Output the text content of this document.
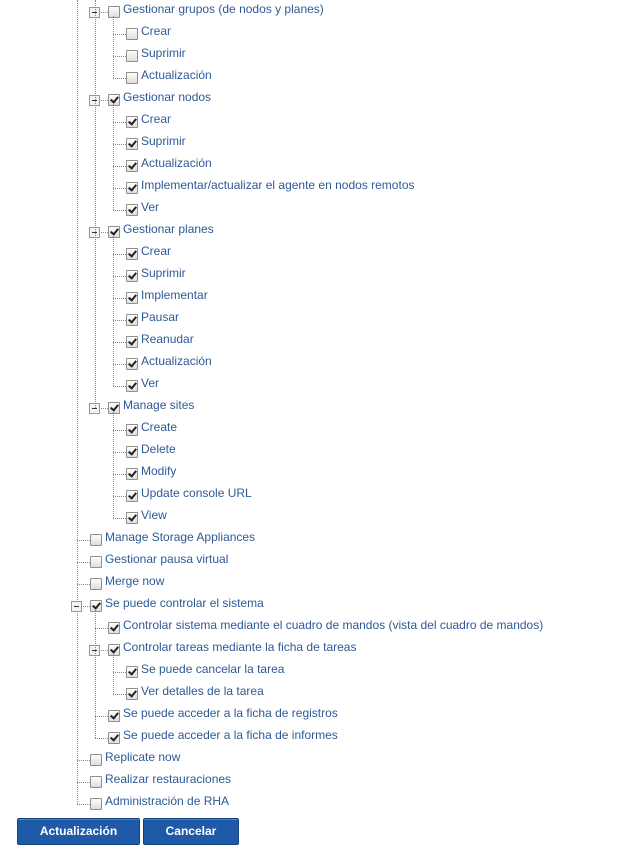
Gestionar grupos (de nodos y planes)
Crear
Suprimir
Actualización
Gestionar nodos
Crear
Suprimir
Actualización
Implementar/actualizar el agente en nodos remotos
Ver
Gestionar planes
Crear
Suprimir
Implementar
Pausar
Reanudar
Actualización
Ver
Manage sites
Create
Delete
Modify
Update console URL
View
Manage Storage Appliances
Gestionar pausa virtual
Merge now
Se puede controlar el sistema
Controlar sistema mediante el cuadro de mandos (vista del cuadro de mandos)
Controlar tareas mediante la ficha de tareas
Se puede cancelar la tarea
Ver detalles de la tarea
Se puede acceder a la ficha de registros
Se puede acceder a la ficha de informes
Replicate now
Realizar restauraciones
Administración de RHA
Actualización	Cancelar
